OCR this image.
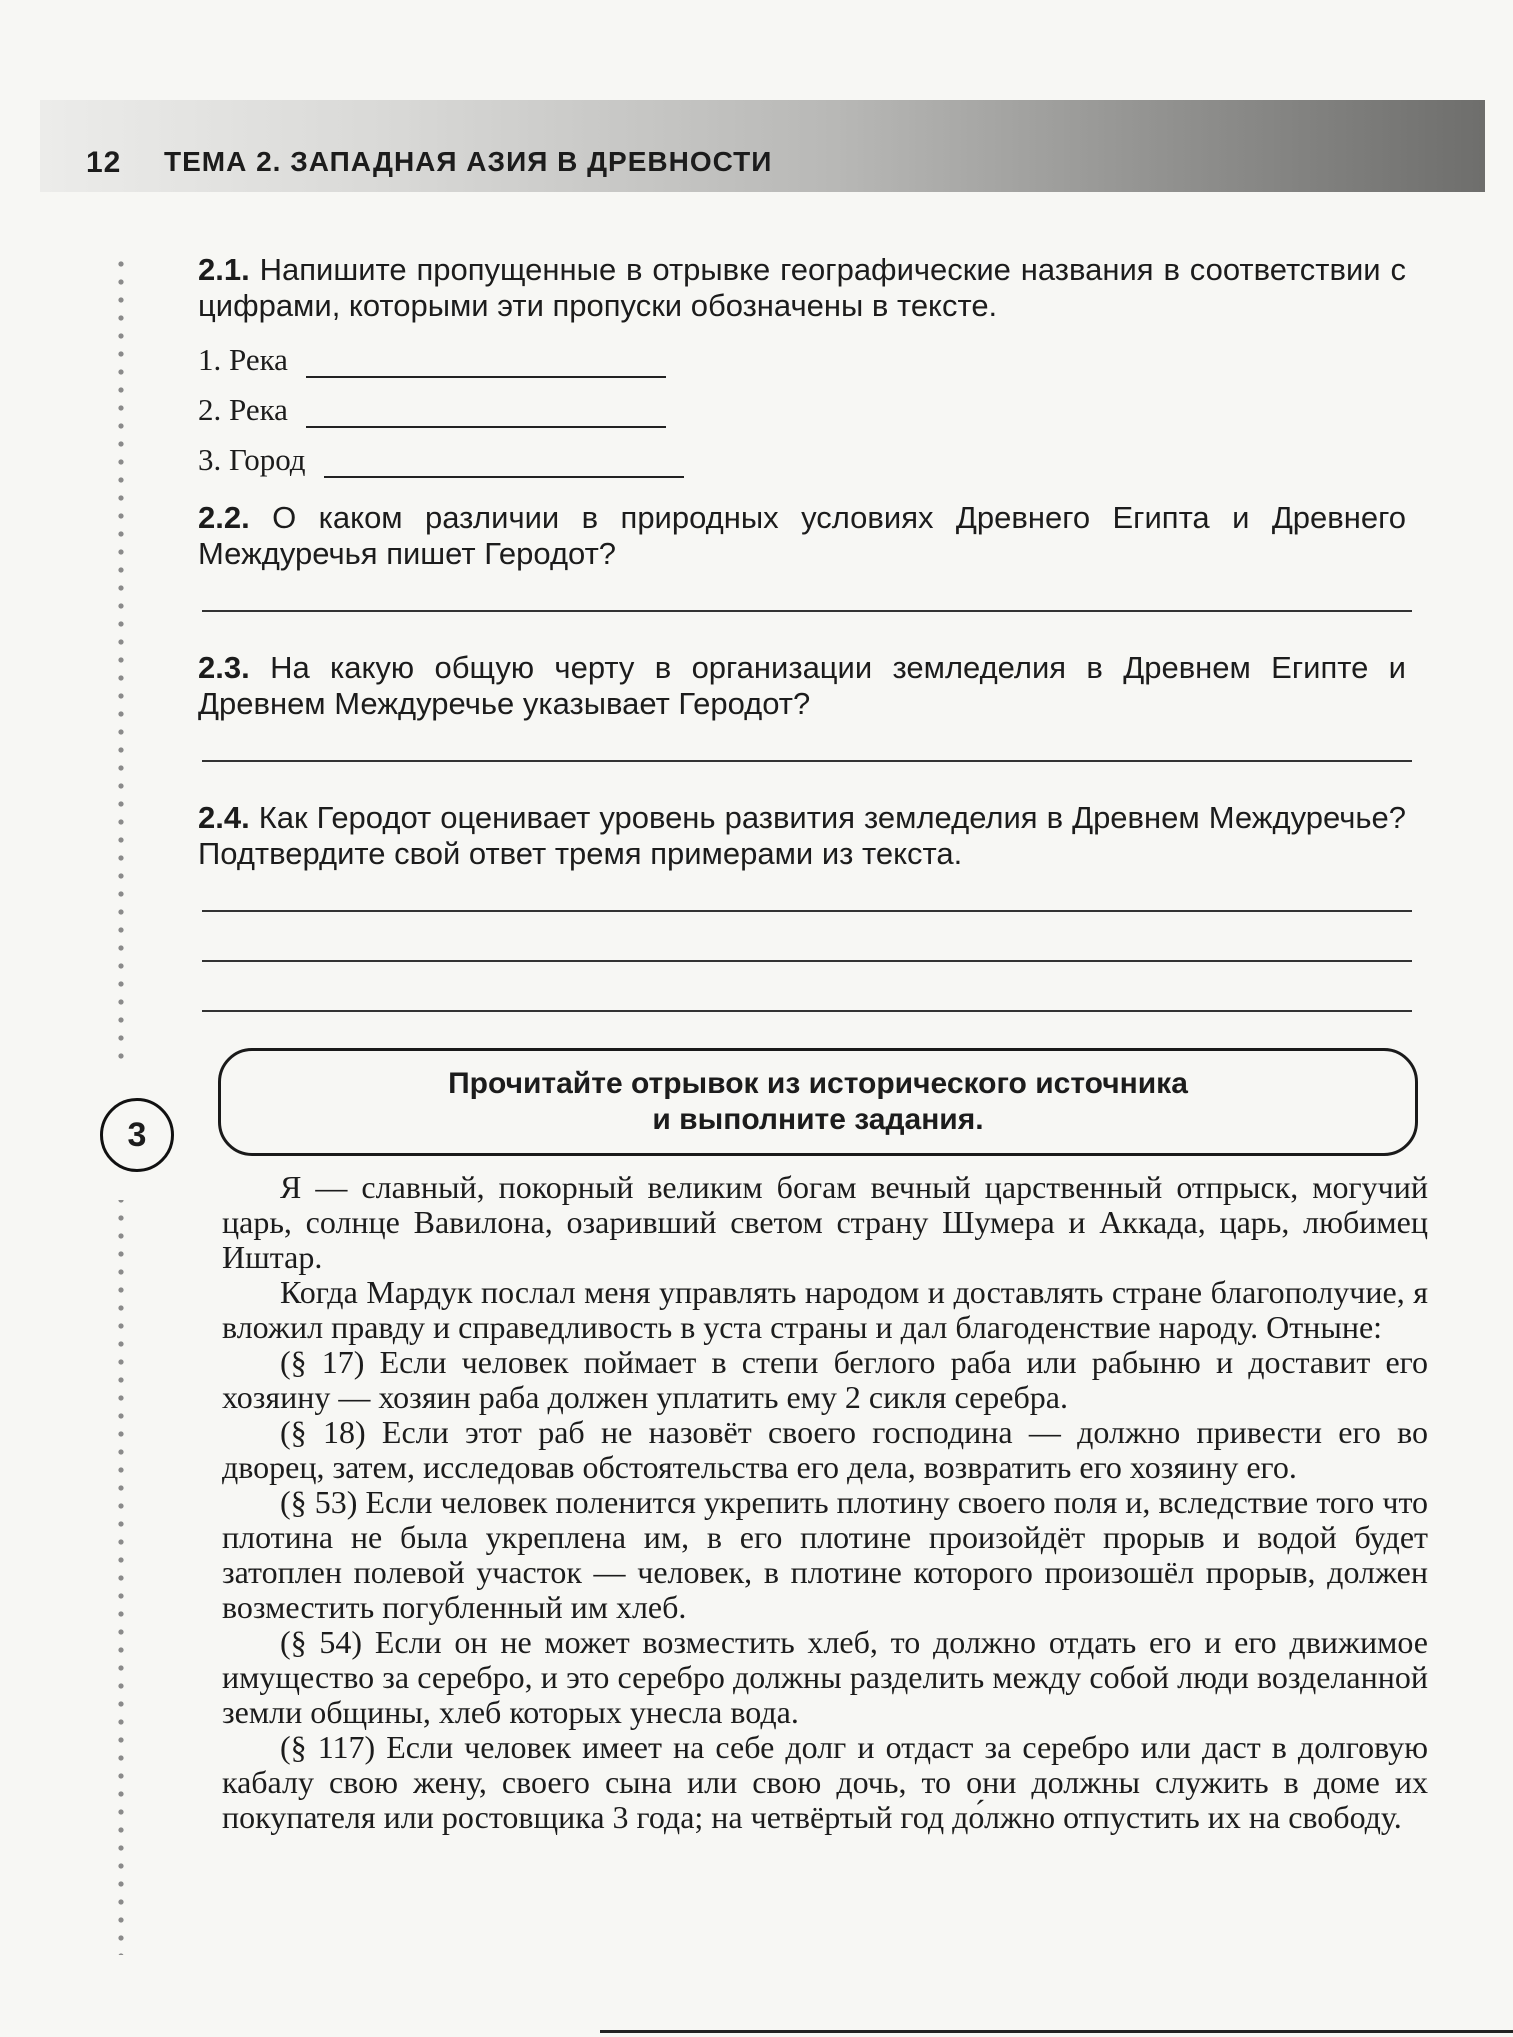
12 ТЕМА 2. ЗАПАДНАЯ АЗИЯ В ДРЕВНОСТИ
2.1. Напишите пропущенные в отрывке географические названия в соответствии с цифрами, которыми эти пропуски обозначены в тексте.
1. Река
2. Река
3. Город
2.2. О каком различии в природных условиях Древнего Египта и Древнего Междуречья пишет Геродот?
2.3. На какую общую черту в организации земледелия в Древнем Египте и Древнем Междуречье указывает Геродот?
2.4. Как Геродот оценивает уровень развития земледелия в Древнем Междуречье? Подтвердите свой ответ тремя примерами из текста.
3
Прочитайте отрывок из исторического источника
и выполните задания.

Я — славный, покорный великим богам вечный царственный отпрыск, могучий царь, солнце Вавилона, озаривший светом страну Шумера и Аккада, царь, любимец Иштар.

Когда Мардук послал меня управлять народом и доставлять стране благополучие, я вложил правду и справедливость в уста страны и дал благоденствие народу. Отныне:

(§ 17) Если человек поймает в степи беглого раба или рабыню и доставит его хозяину — хозяин раба должен уплатить ему 2 сикля серебра.

(§ 18) Если этот раб не назовёт своего господина — должно привести его во дворец, затем, исследовав обстоятельства его дела, возвратить его хозяину его.

(§ 53) Если человек поленится укрепить плотину своего поля и, вследствие того что плотина не была укреплена им, в его плотине произойдёт прорыв и водой будет затоплен полевой участок — человек, в плотине которого произошёл прорыв, должен возместить погубленный им хлеб.

(§ 54) Если он не может возместить хлеб, то должно отдать его и его движимое имущество за серебро, и это серебро должны разделить между собой люди возделанной земли общины, хлеб которых унесла вода.

(§ 117) Если человек имеет на себе долг и отдаст за серебро или даст в долговую кабалу свою жену, своего сына или свою дочь, то они должны служить в доме их покупателя или ростовщика 3 года; на четвёртый год до́лжно отпустить их на свободу.
